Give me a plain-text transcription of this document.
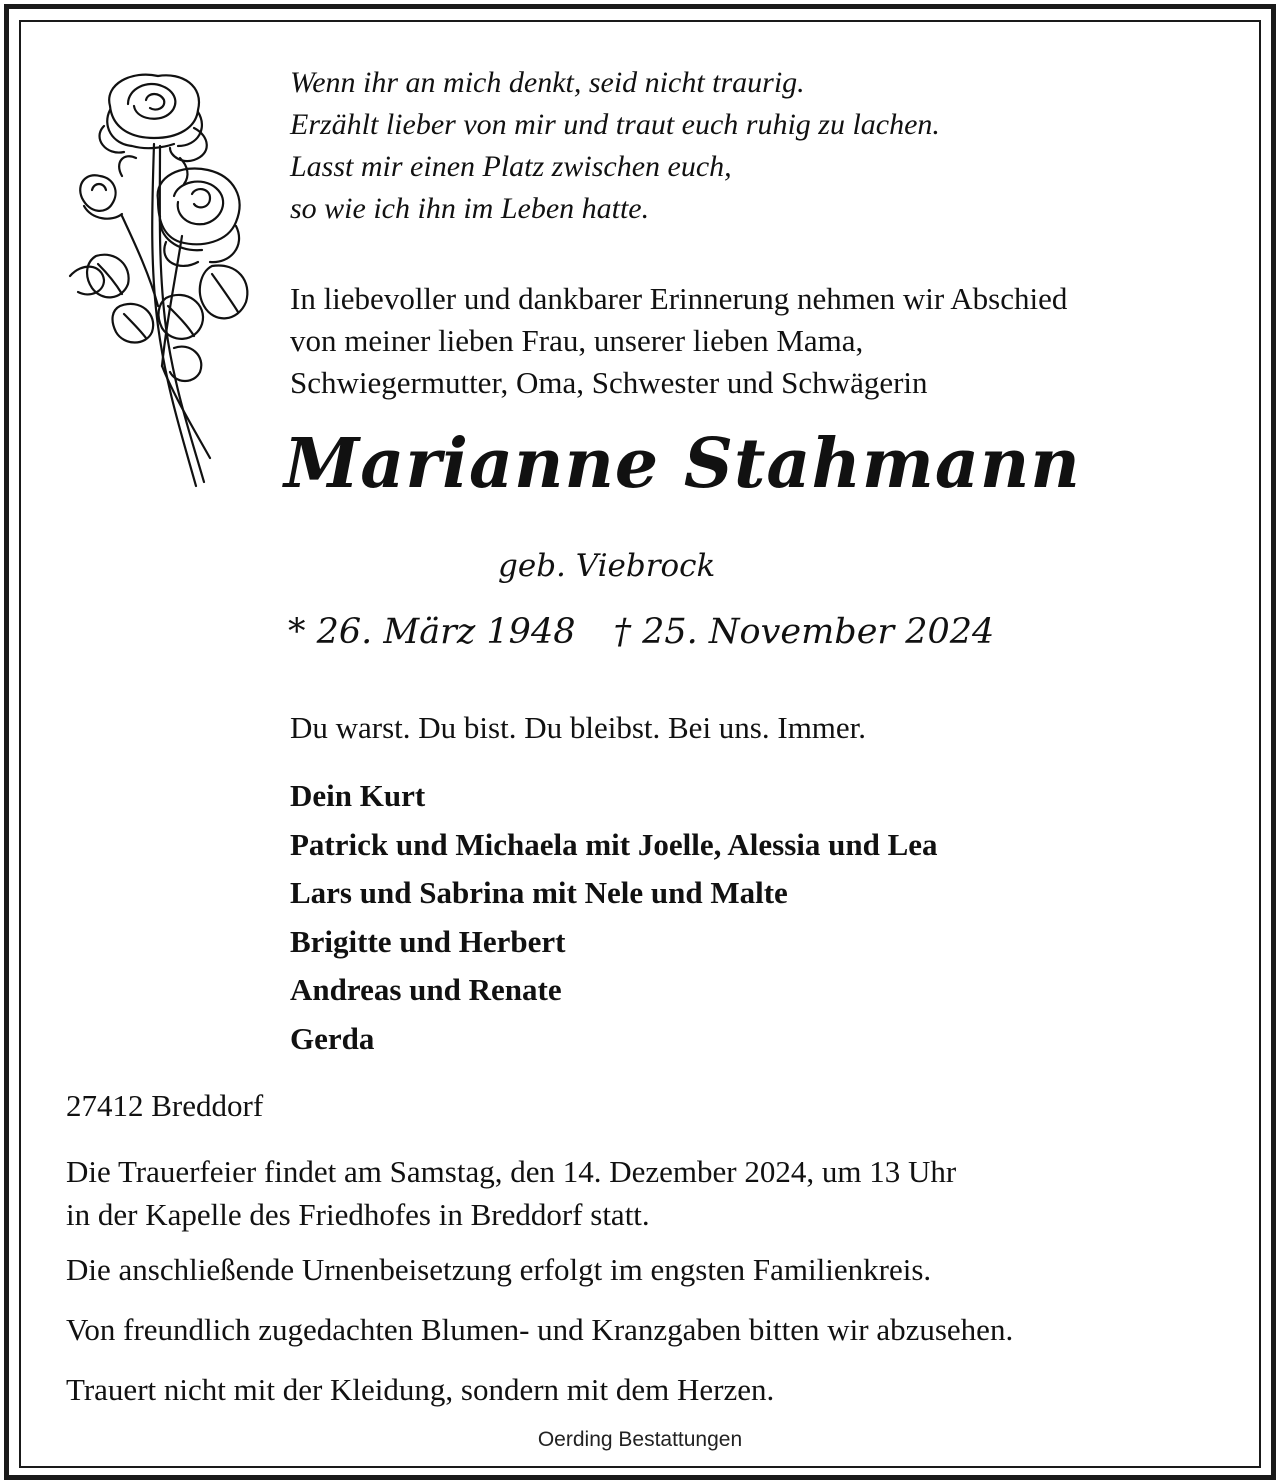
Wenn ihr an mich denkt, seid nicht traurig.
Erzählt lieber von mir und traut euch ruhig zu lachen.
Lasst mir einen Platz zwischen euch,
so wie ich ihn im Leben hatte.
In liebevoller und dankbarer Erinnerung nehmen wir Abschied
von meiner lieben Frau, unserer lieben Mama,
Schwiegermutter, Oma, Schwester und Schwägerin
Marianne Stahmann
geb. Viebrock
* 26. März 1948 † 25. November 2024
Du warst. Du bist. Du bleibst. Bei uns. Immer.
Dein Kurt
Patrick und Michaela mit Joelle, Alessia und Lea
Lars und Sabrina mit Nele und Malte
Brigitte und Herbert
Andreas und Renate
Gerda
27412 Breddorf
Die Trauerfeier findet am Samstag, den 14. Dezember 2024, um 13 Uhr
in der Kapelle des Friedhofes in Breddorf statt.
Die anschließende Urnenbeisetzung erfolgt im engsten Familienkreis.
Von freundlich zugedachten Blumen- und Kranzgaben bitten wir abzusehen.
Trauert nicht mit der Kleidung, sondern mit dem Herzen.
Oerding Bestattungen
